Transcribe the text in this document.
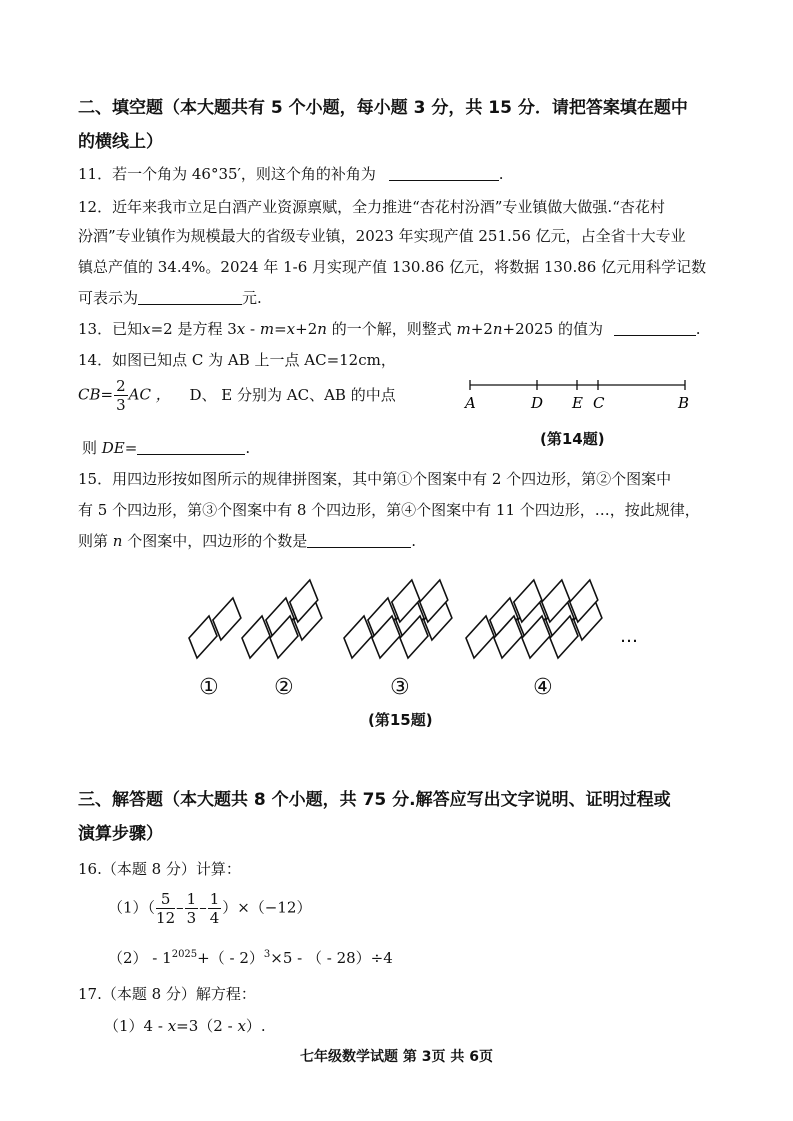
二、填空题（本大题共有 5 个小题，每小题 3 分，共 15 分．请把答案填在题中
的横线上）
11．若一个角为 46°35′，则这个角的补角为	.
12．近年来我市立足白酒产业资源禀赋，全力推进“杏花村汾酒”专业镇做大做强.“杏花村
汾酒”专业镇作为规模最大的省级专业镇，2023 年实现产值 251.56 亿元，占全省十大专业
镇总产值的 34.4%。2024 年 1-6 月实现产值 130.86 亿元，将数据 130.86 亿元用科学记数
可表示为	元.
13．已知x=2 是方程 3x - m=x+2n 的一个解，则整式 m+2n+2025 的值为	.
14．如图已知点 C 为 AB 上一点 AC=12cm，
$CB= \frac{2}{3}$ AC ， D、 E 分别为 AC、AB 的中点
则 DE=	.
A	D E C	B
(第14题)
15．用四边形按如图所示的规律拼图案，其中第①个图案中有 2 个四边形，第②个图案中
有 5 个四边形，第③个图案中有 8 个四边形，第④个图案中有 11 个四边形，…，按此规律，
则第 n 个图案中，四边形的个数是	.
…
①	②	③	④
(第15题)
三、解答题（本大题共 8 个小题，共 75 分.解答应写出文字说明、证明过程或
演算步骤）
16.（本题 8 分）计算：
$(1)( \frac{5}{12} - \frac{1}{3} - \frac{1}{4} )\times(-12)$
$(2) - 1^{2025}+( - 2)^3\times 5$ - （ - 28）÷4
17.（本题 8 分）解方程：
（1）4 - x=3（2 - x）.
七年级数学试题 第 3页 共 6页
